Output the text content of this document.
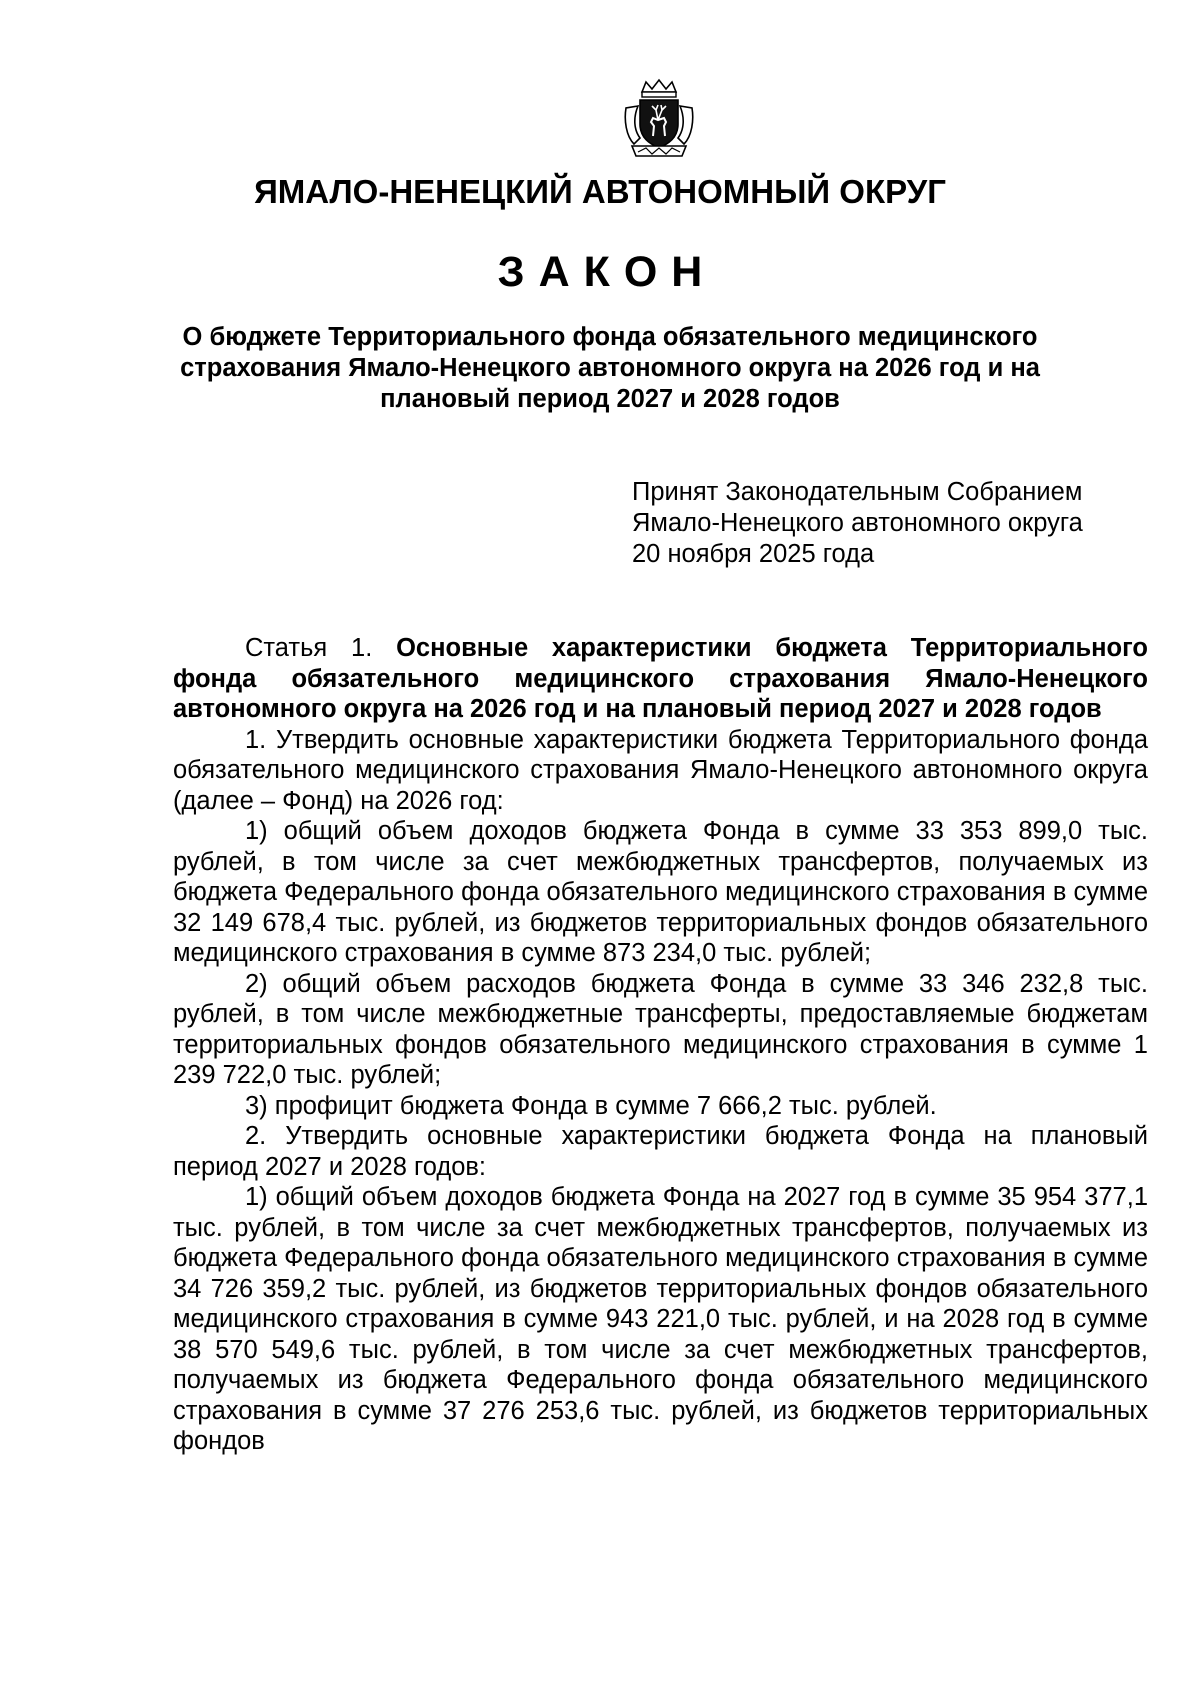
ЯМАЛО-НЕНЕЦКИЙ АВТОНОМНЫЙ ОКРУГ
ЗАКОН
О бюджете Территориального фонда обязательного медицинского страхования Ямало-Ненецкого автономного округа на 2026 год и на плановый период 2027 и 2028 годов
Принят Законодательным Собранием
Ямало-Ненецкого автономного округа
20 ноября 2025 года

Статья 1. Основные характеристики бюджета Территориального фонда обязательного медицинского страхования Ямало-Ненецкого автономного округа на 2026 год и на плановый период 2027 и 2028 годов

1. Утвердить основные характеристики бюджета Территориального фонда обязательного медицинского страхования Ямало-Ненецкого автономного округа (далее – Фонд) на 2026 год:

1) общий объем доходов бюджета Фонда в сумме 33 353 899,0 тыс. рублей, в том числе за счет межбюджетных трансфертов, получаемых из бюджета Федерального фонда обязательного медицинского страхования в сумме 32 149 678,4 тыс. рублей, из бюджетов территориальных фондов обязательного медицинского страхования в сумме 873 234,0 тыс. рублей;

2) общий объем расходов бюджета Фонда в сумме 33 346 232,8 тыс. рублей, в том числе межбюджетные трансферты, предоставляемые бюджетам территориальных фондов обязательного медицинского страхования в сумме 1 239 722,0 тыс. рублей;

3) профицит бюджета Фонда в сумме 7 666,2 тыс. рублей.

2. Утвердить основные характеристики бюджета Фонда на плановый период 2027 и 2028 годов:

1) общий объем доходов бюджета Фонда на 2027 год в сумме 35 954 377,1 тыс. рублей, в том числе за счет межбюджетных трансфертов, получаемых из бюджета Федерального фонда обязательного медицинского страхования в сумме 34 726 359,2 тыс. рублей, из бюджетов территориальных фондов обязательного медицинского страхования в сумме 943 221,0 тыс. рублей, и на 2028 год в сумме 38 570 549,6 тыс. рублей, в том числе за счет межбюджетных трансфертов, получаемых из бюджета Федерального фонда обязательного медицинского страхования в сумме 37 276 253,6 тыс. рублей, из бюджетов территориальных фондов
